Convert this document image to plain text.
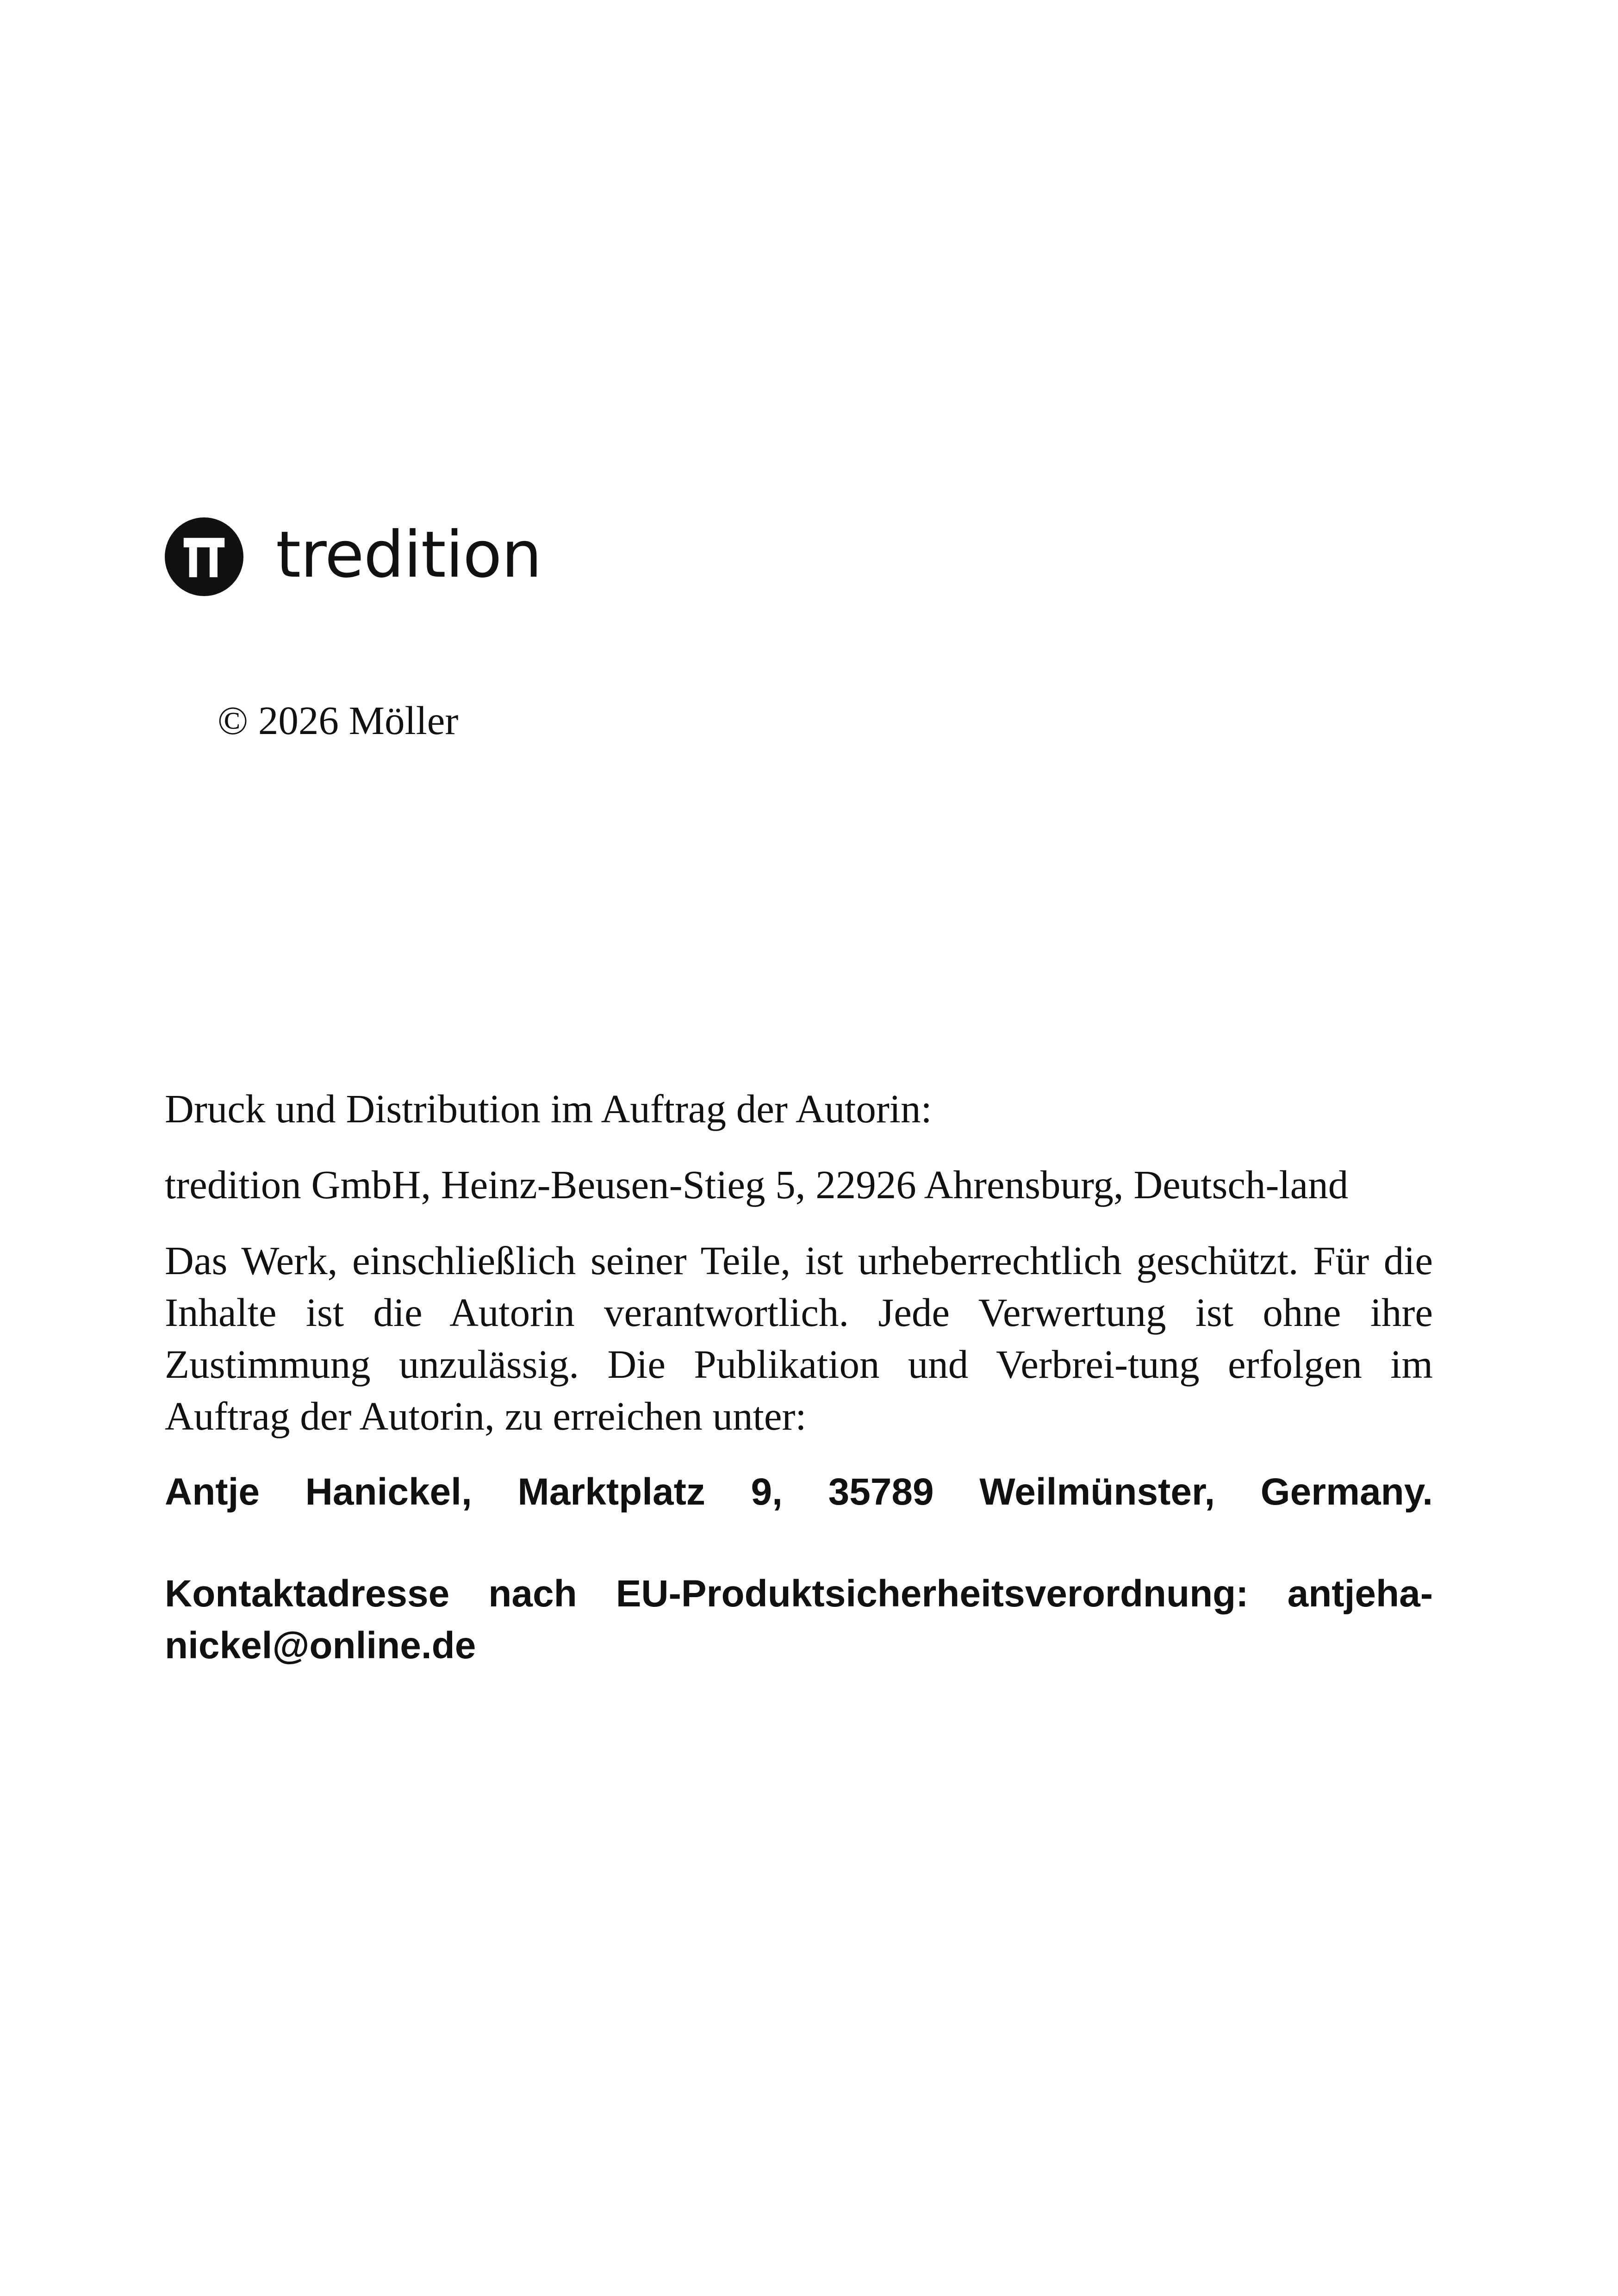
tredition
© 2026 Möller

Druck und Distribution im Auftrag der Autorin:

tredition GmbH, Heinz-Beusen-Stieg 5, 22926 Ahrensburg, Deutsch-land

Das Werk, einschließlich seiner Teile, ist urheberrechtlich geschützt. Für die Inhalte ist die Autorin verantwortlich. Jede Verwertung ist ohne ihre Zustimmung unzulässig. Die Publikation und Verbrei-tung erfolgen im Auftrag der Autorin, zu erreichen unter:

Antje Hanickel, Marktplatz 9, 35789 Weilmünster, Germany.

Kontaktadresse nach EU-Produktsicherheitsverordnung: antjeha-nickel@online.de
